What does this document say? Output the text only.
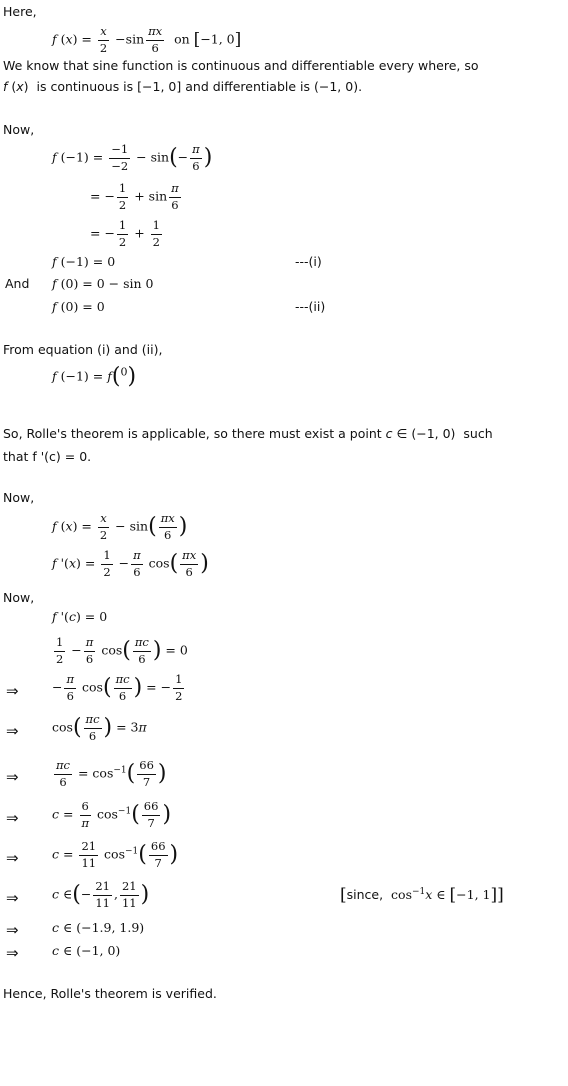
Here,
f $(x) = \frac{x}{2} -\sin \frac{\pi x}{6}$ on [−1, 0]
We know that sine function is continuous and differentiable every where, so
f (x)  is continuous is [−1, 0] and differentiable is (−1, 0).
Now,
f $(-1) = \frac{-1}{-2} - \sin(- \frac{\pi}{6}$ )
= − $\frac{1}{2} + \sin \frac{\pi}{6}$
= − $\frac{1}{2} + \frac{1}{2}$
f (−1) = 0	---(i)
And f (0) = 0 − sin 0
f (0) = 0	---(ii)
From equation (i) and (ii),
f (−1) = f(0)
So, Rolle's theorem is applicable, so there must exist a point c ∈ (−1, 0) such
that f '(c) = 0.
Now,
f $(x) = \frac{x}{2} - \sin( \frac{\pi x}{6}$ )
f '$(x) = \frac{1}{2} - \frac{\pi}{6} \cos( \frac{\pi x}{6}$ )
Now,
f '(c) = 0
$\frac{1}{2} - \frac{\pi}{6} \cos( \frac{\pi c}{6}$ ) = 0
⇒	− $\frac{\pi}{6} \cos( \frac{\pi c}{6}$ ) = − $\frac{1}{2}$
⇒	$\cos( \frac{\pi c}{6}$ ) = 3π
⇒	$\frac{\pi c}{6} = \cos^{-1}( \frac{66}{7}$ )
⇒	$c = \frac{6}{\pi} \cos^{-1}( \frac{66}{7}$ )
⇒	$c = \frac{21}{11} \cos^{-1}( \frac{66}{7}$ )
⇒	c ∈(− $\frac{21}{11}$ , $\frac{21}{11}$ )	[since,  $\cos^{-1}x$ ∈ [−1, 1]]
⇒	c ∈ (−1.9, 1.9)
⇒	c ∈ (−1, 0)
Hence, Rolle's theorem is verified.
